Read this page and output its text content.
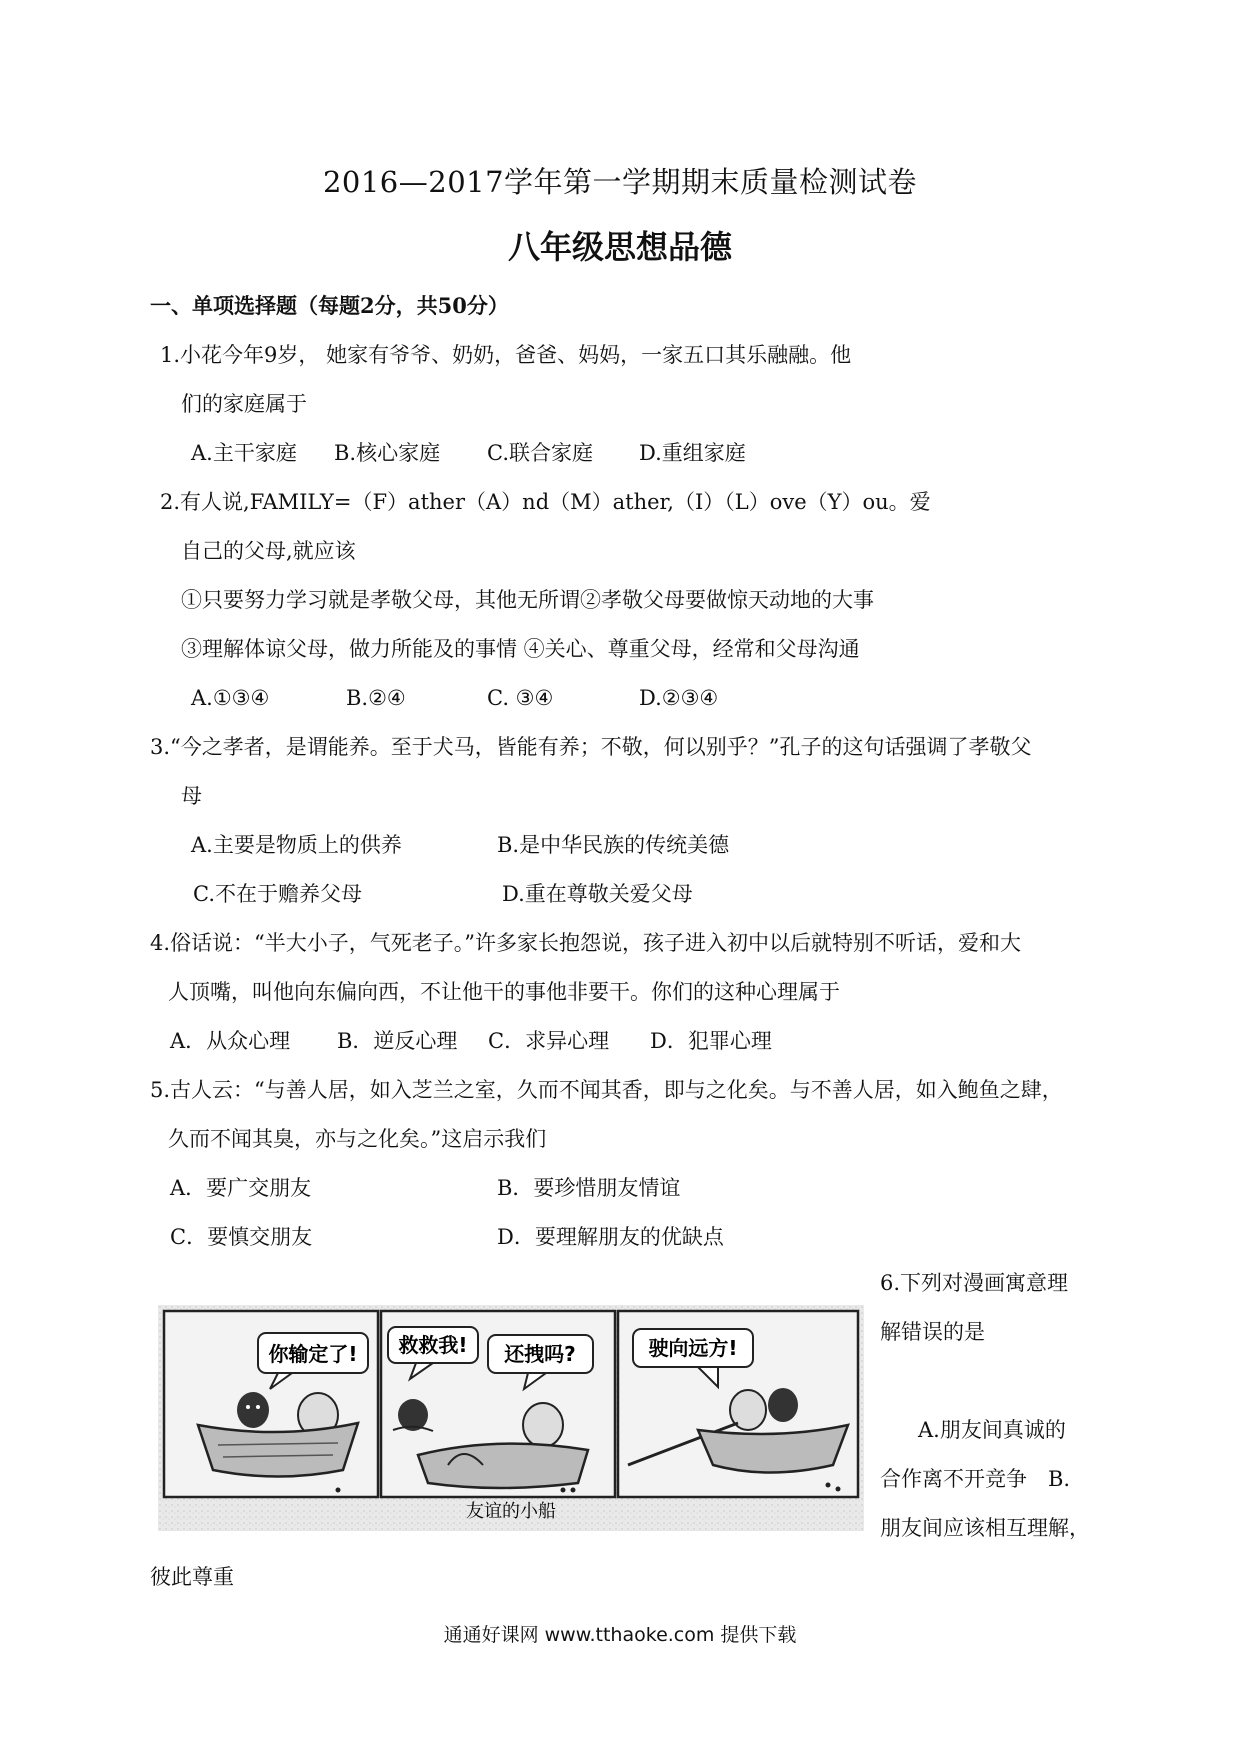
2016—2017学年第一学期期末质量检测试卷
八年级思想品德
一、单项选择题（每题2分，共50分）
1.小花今年9岁， 她家有爷爷、奶奶，爸爸、妈妈，一家五口其乐融融。他
们的家庭属于
A.主干家庭 B.核心家庭 C.联合家庭 D.重组家庭
2.有人说,FAMILY=（F）ather（A）nd（M）ather,（I）（L）ove（Y）ou。爱
自己的父母,就应该
①只要努力学习就是孝敬父母，其他无所谓②孝敬父母要做惊天动地的大事
③理解体谅父母，做力所能及的事情 ④关心、尊重父母，经常和父母沟通
A.①③④	B.②④	C. ③④	D.②③④
3.“今之孝者，是谓能养。至于犬马，皆能有养；不敬，何以别乎？”孔子的这句话强调了孝敬父
母
A.主要是物质上的供养	B.是中华民族的传统美德
C.不在于赡养父母	D.重在尊敬关爱父母
4.俗话说：“半大小子，气死老子。”许多家长抱怨说，孩子进入初中以后就特别不听话，爱和大
人顶嘴，叫他向东偏向西，不让他干的事他非要干。你们的这种心理属于
A．从众心理 B．逆反心理 C．求异心理 D．犯罪心理
5.古人云：“与善人居，如入芝兰之室，久而不闻其香，即与之化矣。与不善人居，如入鲍鱼之肆，
久而不闻其臭，亦与之化矣。”这启示我们
A．要广交朋友	B．要珍惜朋友情谊
C．要慎交朋友	D．要理解朋友的优缺点
6.下列对漫画寓意理
解错误的是
A.朋友间真诚的
合作离不开竞争　B.
朋友间应该相互理解，
彼此尊重
你输定了! 救救我! 还拽吗?	驶向远方!
友谊的小船
通通好课网 www.tthaoke.com 提供下载
